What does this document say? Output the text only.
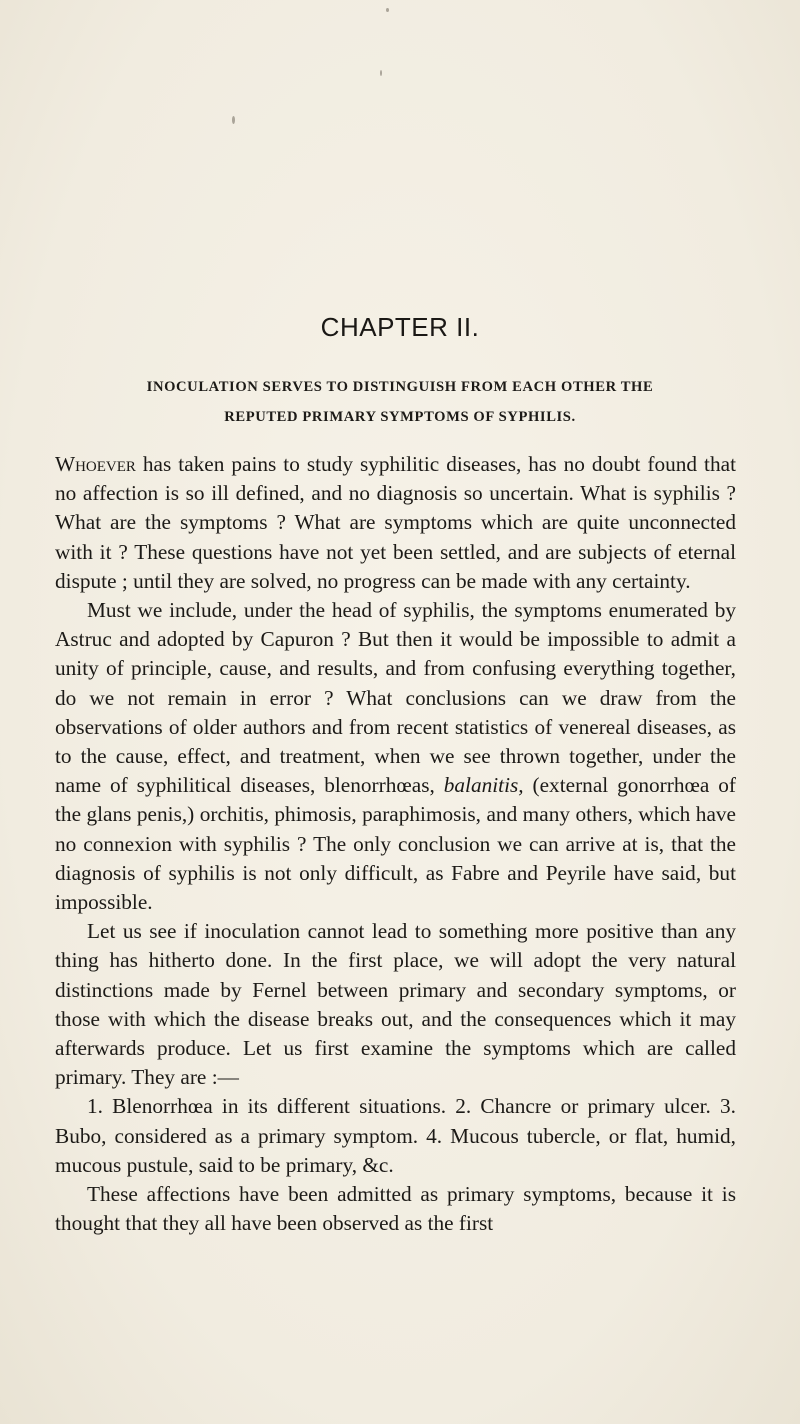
CHAPTER II.
INOCULATION SERVES TO DISTINGUISH FROM EACH OTHER THE
REPUTED PRIMARY SYMPTOMS OF SYPHILIS.

Whoever has taken pains to study syphilitic diseases, has no doubt found that no affection is so ill defined, and no diagnosis so uncertain. What is syphilis ? What are the symptoms ? What are symptoms which are quite unconnected with it ? These questions have not yet been settled, and are subjects of eternal dispute ; until they are solved, no progress can be made with any certainty.

Must we include, under the head of syphilis, the symptoms enumerated by Astruc and adopted by Capuron ? But then it would be impossible to admit a unity of principle, cause, and results, and from confusing everything together, do we not remain in error ? What conclusions can we draw from the observations of older authors and from recent statistics of venereal diseases, as to the cause, effect, and treatment, when we see thrown together, under the name of syphilitical diseases, blenorrhœas, balanitis, (external gonorrhœa of the glans penis,) orchitis, phimosis, paraphimosis, and many others, which have no connexion with syphilis ? The only conclusion we can arrive at is, that the diagnosis of syphilis is not only difficult, as Fabre and Peyrile have said, but impossible.

Let us see if inoculation cannot lead to something more positive than any thing has hitherto done. In the first place, we will adopt the very natural distinctions made by Fernel between primary and secondary symptoms, or those with which the disease breaks out, and the consequences which it may afterwards produce. Let us first examine the symptoms which are called primary. They are :—

1. Blenorrhœa in its different situations. 2. Chancre or primary ulcer. 3. Bubo, considered as a primary symptom. 4. Mucous tubercle, or flat, humid, mucous pustule, said to be primary, &c.

These affections have been admitted as primary symptoms, because it is thought that they all have been observed as the first
